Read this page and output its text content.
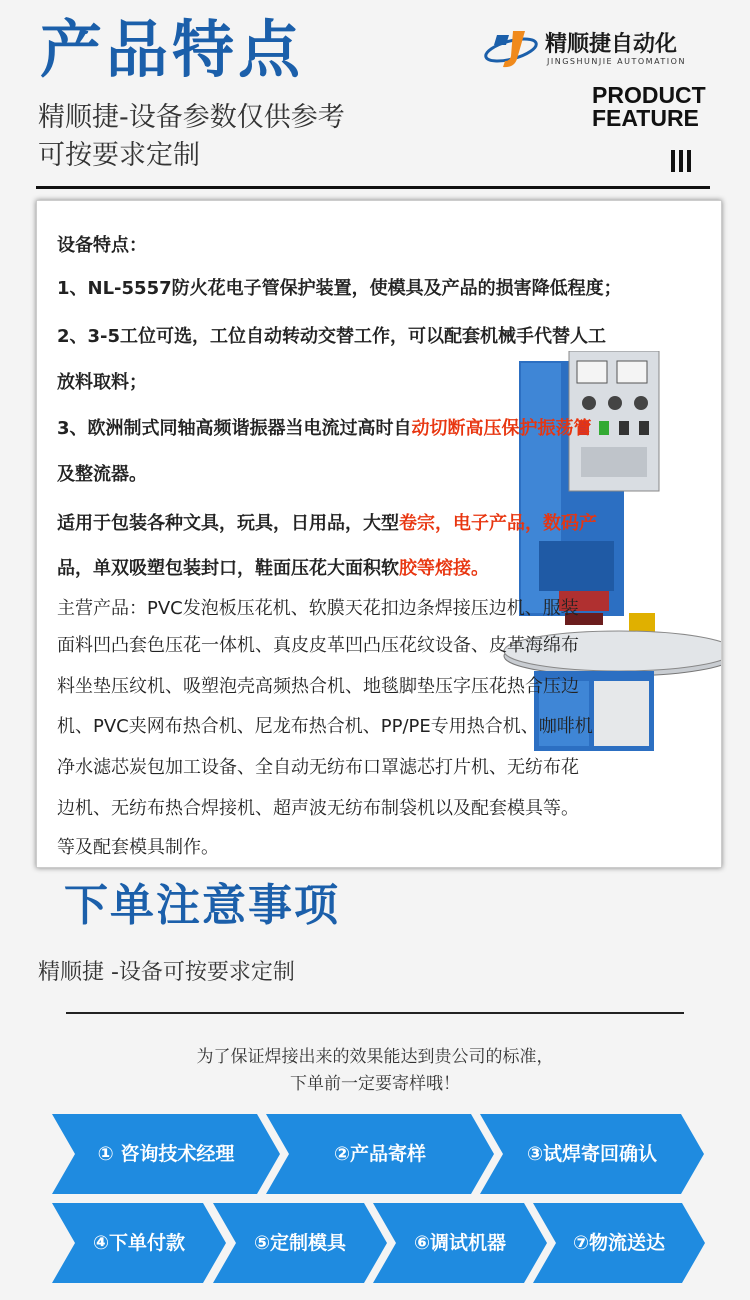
产品特点
精顺捷-设备参数仅供参考
可按要求定制
精顺捷自动化
JINGSHUNJIE AUTOMATION
PRODUCT
FEATURE
设备特点：
1、NL-5557防火花电子管保护装置，使模具及产品的损害降低程度；
2、3-5工位可选，工位自动转动交替工作，可以配套机械手代替人工
放料取料；
3、欧洲制式同轴高频谐振器当电流过高时自动切断高压保护振荡管
及整流器。
适用于包装各种文具，玩具，日用品，大型卷宗，电子产品，数码产
品，单双吸塑包装封口，鞋面压花大面积软胶等熔接。
主营产品：PVC发泡板压花机、软膜天花扣边条焊接压边机、服装
面料凹凸套色压花一体机、真皮皮革凹凸压花纹设备、皮革海绵布
料坐垫压纹机、吸塑泡壳高频热合机、地毯脚垫压字压花热合压边
机、PVC夹网布热合机、尼龙布热合机、PP/PE专用热合机、咖啡机
净水滤芯炭包加工设备、全自动无纺布口罩滤芯打片机、无纺布花
边机、无纺布热合焊接机、超声波无纺布制袋机以及配套模具等。
等及配套模具制作。
下单注意事项
精顺捷 -设备可按要求定制
为了保证焊接出来的效果能达到贵公司的标准，
下单前一定要寄样哦！
① 咨询技术经理	②产品寄样	③试焊寄回确认
④下单付款	⑤定制模具	⑥调试机器	⑦物流送达
